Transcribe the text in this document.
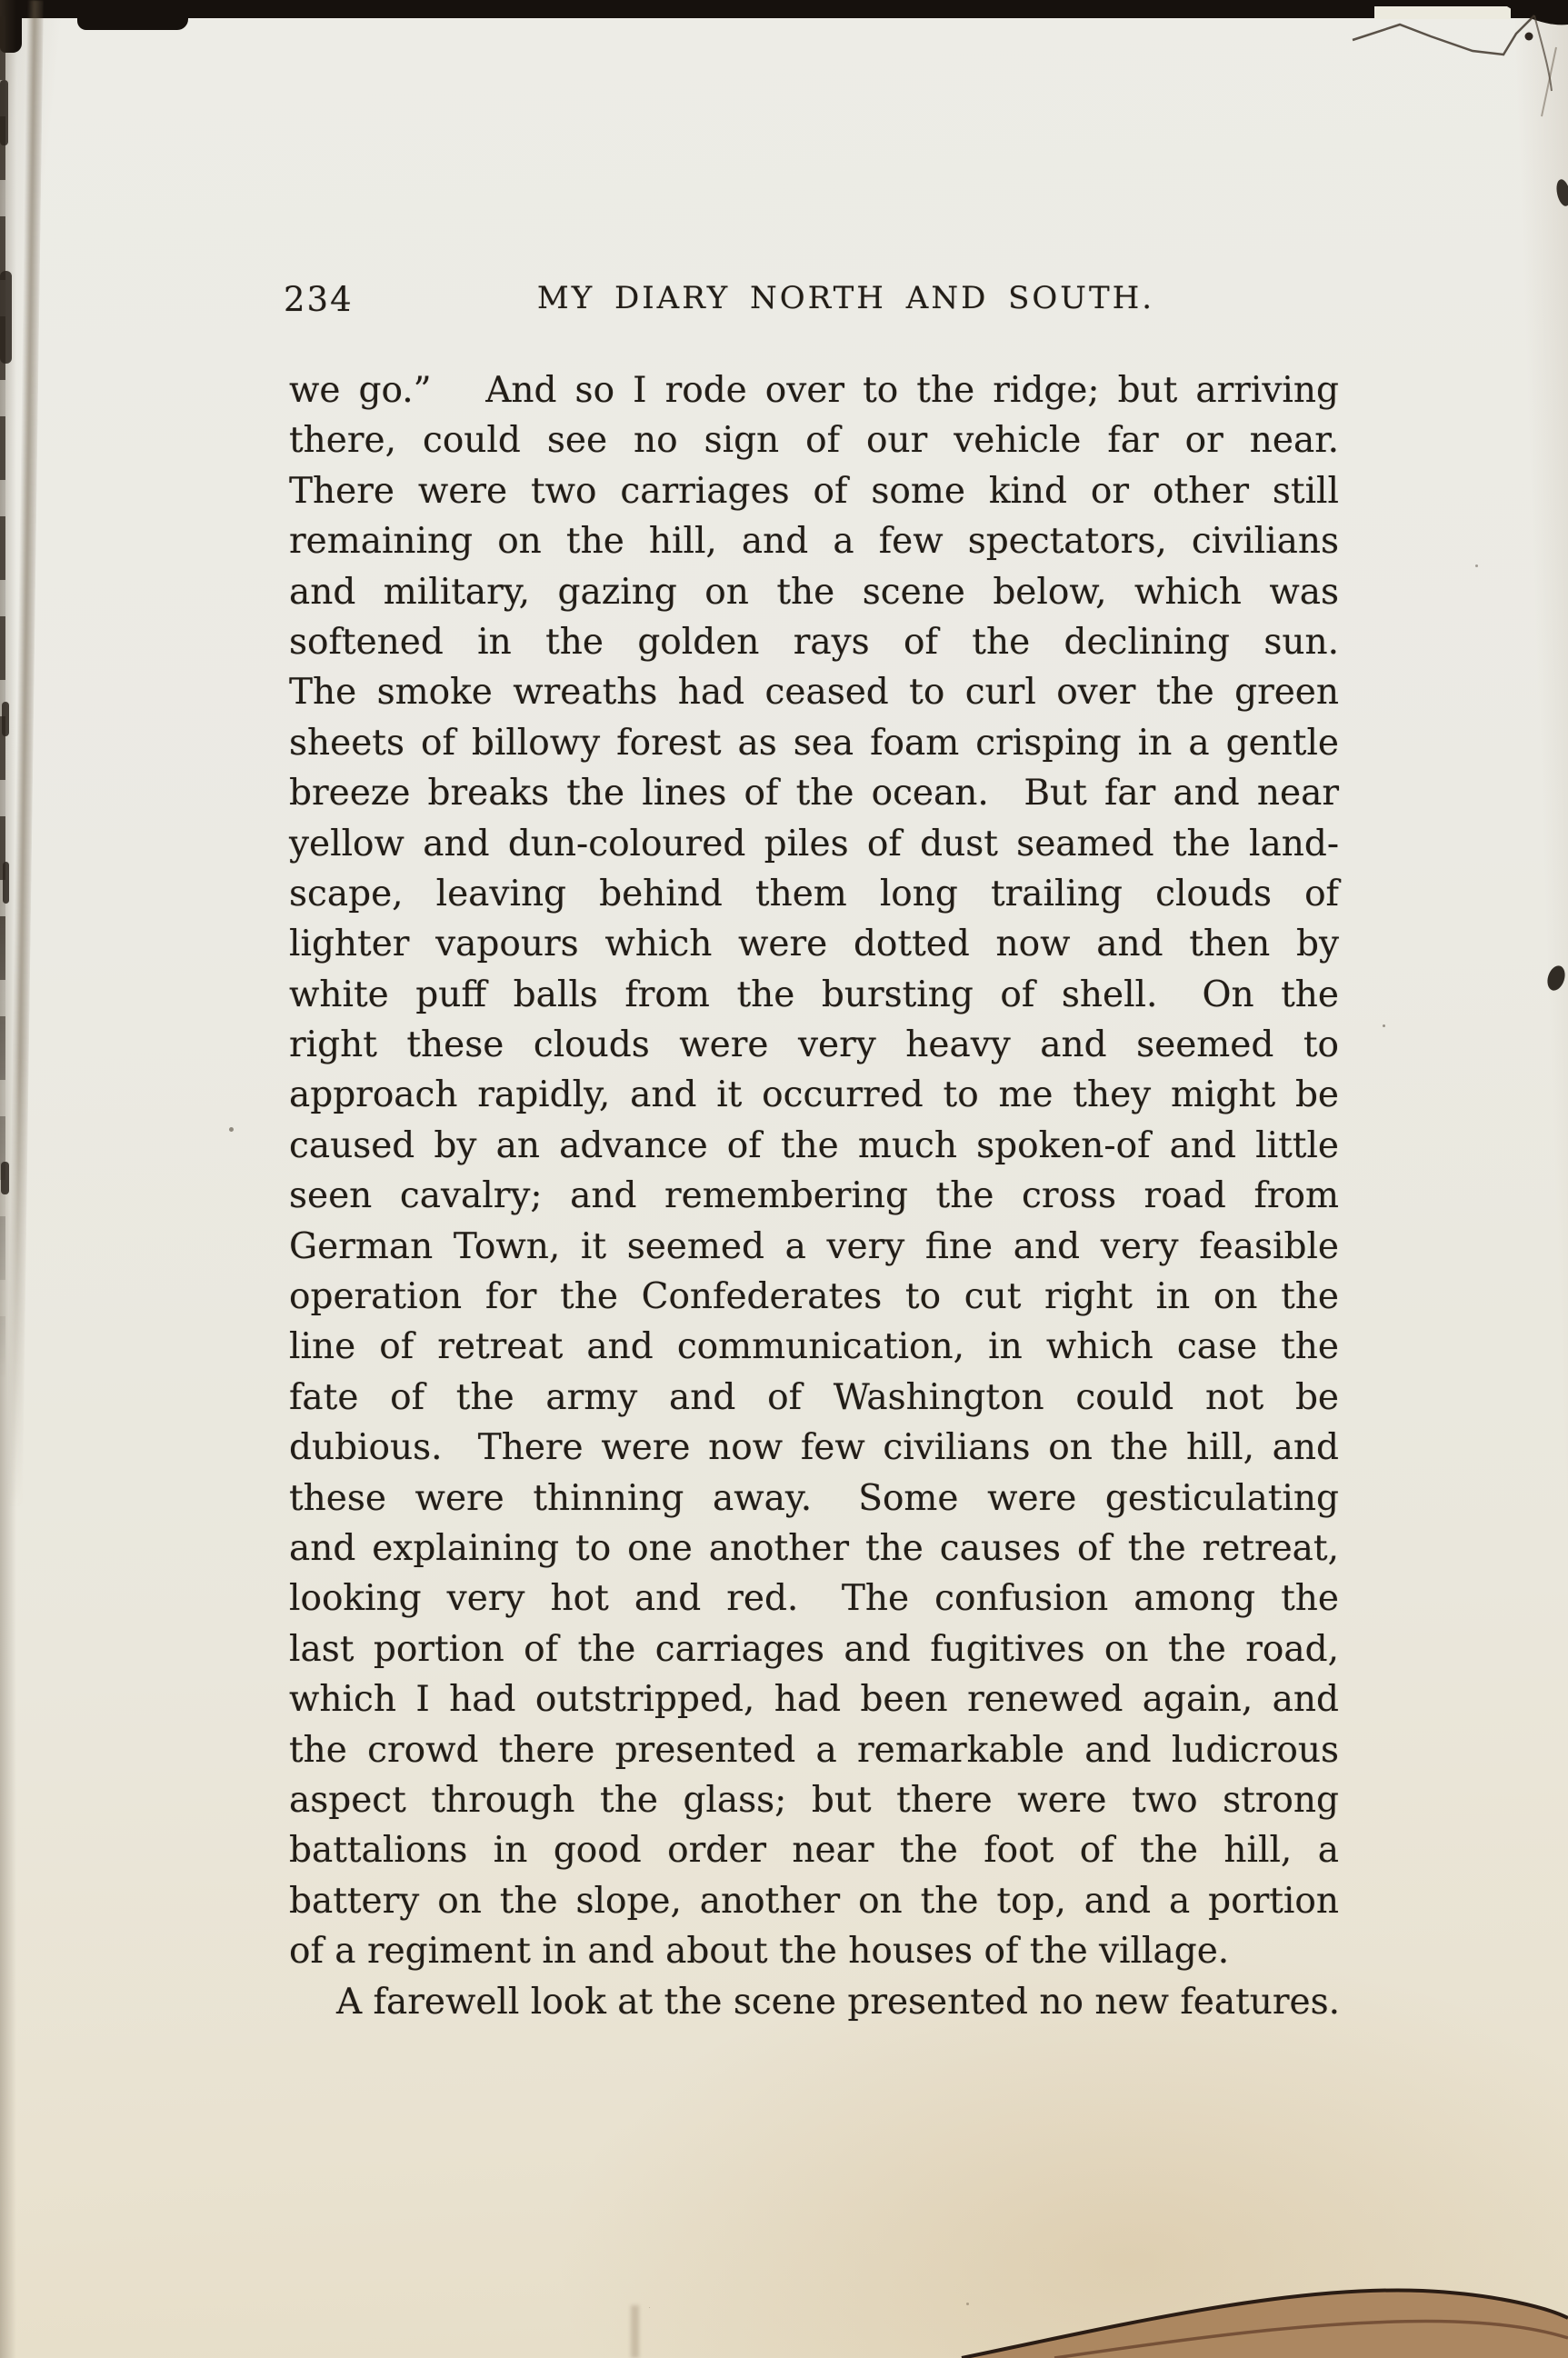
234	MY DIARY NORTH AND SOUTH.
we go.”   And so I rode over to the ridge; but arriving
there, could see no sign of our vehicle far or near.
There were two carriages of some kind or other still
remaining on the hill, and a few spectators, civilians
and military, gazing on the scene below, which was
softened in the golden rays of the declining sun.
The smoke wreaths had ceased to curl over the green
sheets of billowy forest as sea foam crisping in a gentle
breeze breaks the lines of the ocean.  But far and near
yellow and dun-coloured piles of dust seamed the land-
scape, leaving behind them long trailing clouds of
lighter vapours which were dotted now and then by
white puff balls from the bursting of shell.  On the
right these clouds were very heavy and seemed to
approach rapidly, and it occurred to me they might be
caused by an advance of the much spoken-of and little
seen cavalry; and remembering the cross road from
German Town, it seemed a very fine and very feasible
operation for the Confederates to cut right in on the
line of retreat and communication, in which case the
fate of the army and of Washington could not be
dubious.  There were now few civilians on the hill, and
these were thinning away.  Some were gesticulating
and explaining to one another the causes of the retreat,
looking very hot and red.  The confusion among the
last portion of the carriages and fugitives on the road,
which I had outstripped, had been renewed again, and
the crowd there presented a remarkable and ludicrous
aspect through the glass; but there were two strong
battalions in good order near the foot of the hill, a
battery on the slope, another on the top, and a portion
of a regiment in and about the houses of the village.
A farewell look at the scene presented no new features.
